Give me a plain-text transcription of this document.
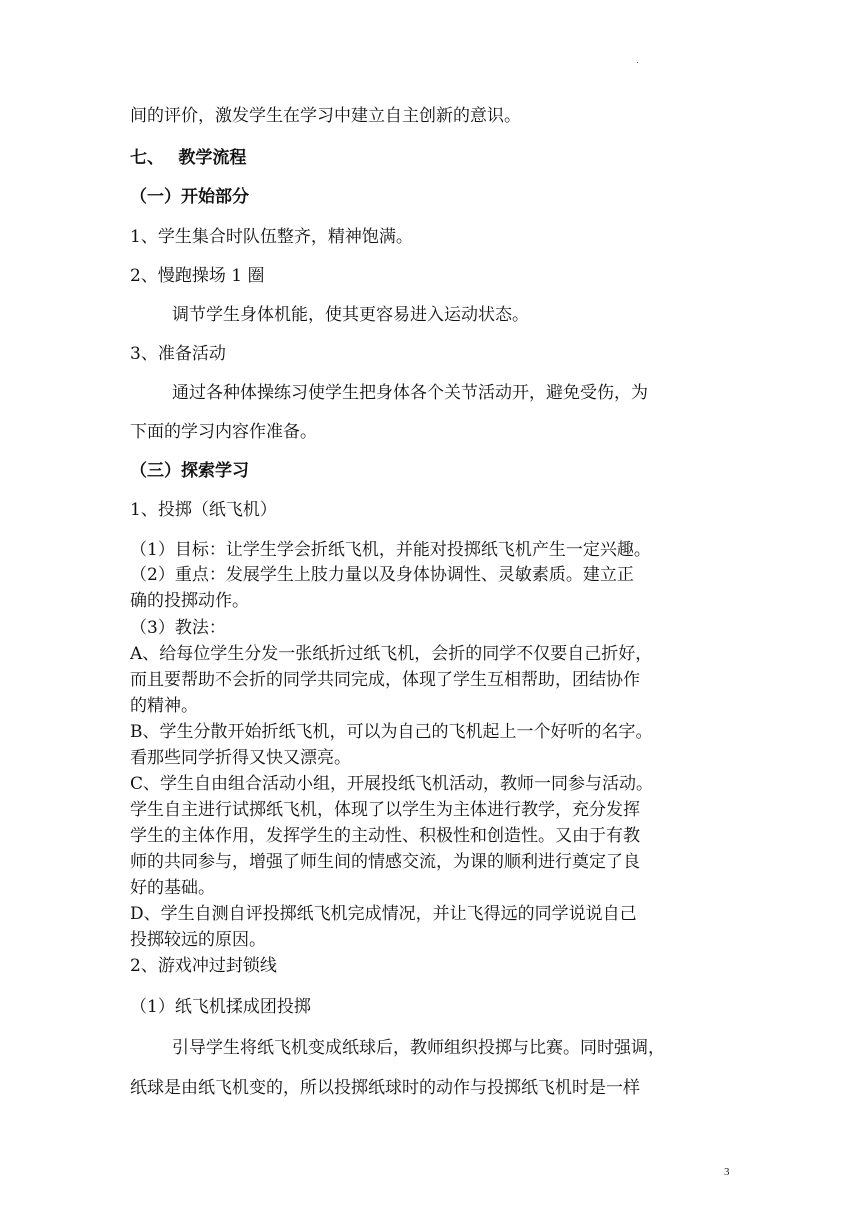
.
间的评价，激发学生在学习中建立自主创新的意识。
七、　 教学流程
（一）开始部分
1、学生集合时队伍整齐，精神饱满。
2、慢跑操场 1 圈
调节学生身体机能，使其更容易进入运动状态。
3、准备活动
通过各种体操练习使学生把身体各个关节活动开，避免受伤，为
下面的学习内容作准备。
（三）探索学习
1、投掷（纸飞机）
（1）目标：让学生学会折纸飞机，并能对投掷纸飞机产生一定兴趣。
（2）重点：发展学生上肢力量以及身体协调性、灵敏素质。建立正
确的投掷动作。
（3）教法：
A、给每位学生分发一张纸折过纸飞机，会折的同学不仅要自己折好，
而且要帮助不会折的同学共同完成，体现了学生互相帮助，团结协作
的精神。
B、学生分散开始折纸飞机，可以为自己的飞机起上一个好听的名字。
看那些同学折得又快又漂亮。
C、学生自由组合活动小组，开展投纸飞机活动，教师一同参与活动。
学生自主进行试掷纸飞机，体现了以学生为主体进行教学，充分发挥
学生的主体作用，发挥学生的主动性、积极性和创造性。又由于有教
师的共同参与，增强了师生间的情感交流，为课的顺利进行奠定了良
好的基础。
D、学生自测自评投掷纸飞机完成情况，并让飞得远的同学说说自己
投掷较远的原因。
2、游戏冲过封锁线
（1）纸飞机揉成团投掷
引导学生将纸飞机变成纸球后，教师组织投掷与比赛。同时强调，
纸球是由纸飞机变的，所以投掷纸球时的动作与投掷纸飞机时是一样
3
